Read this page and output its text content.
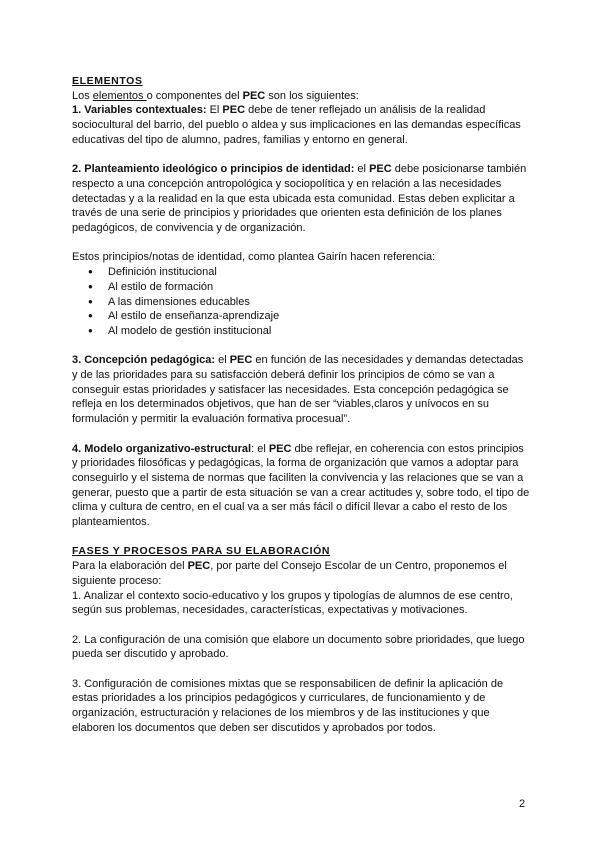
ELEMENTOS

Los elementos o componentes del PEC son los siguientes:

1. Variables contextuales: El PEC debe de tener reflejado un análisis de la realidad sociocultural del barrio, del pueblo o aldea y sus implicaciones en las demandas específicas educativas del tipo de alumno, padres, familias y entorno en general.

2. Planteamiento ideológico o principios de identidad: el PEC debe posicionarse también respecto a una concepción antropológica y sociopolítica y en relación a las necesidades detectadas y a la realidad en la que esta ubicada esta comunidad. Estas deben explicitar a través de una serie de principios y prioridades que orienten esta definición de los planes pedagógicos, de convivencia y de organización.

Estos principios/notas de identidad, como plantea Gairín hacen referencia:

● Definición institucional
● Al estilo de formación
● A las dimensiones educables
● Al estilo de enseñanza-aprendizaje
● Al modelo de gestión institucional

3. Concepción pedagógica: el PEC en función de las necesidades y demandas detectadas y de las prioridades para su satisfacción deberá definir los principios de cómo se van a conseguir estas prioridades y satisfacer las necesidades. Esta concepción pedagógica se refleja en los determinados objetivos, que han de ser “viables,claros y unívocos en su formulación y permitir la evaluación formativa procesual”.

4. Modelo organizativo-estructural: el PEC dbe reflejar, en coherencia con estos principios y prioridades filosóficas y pedagógicas, la forma de organización que vamos a adoptar para conseguirlo y el sistema de normas que faciliten la convivencia y las relaciones que se van a generar, puesto que a partir de esta situación se van a crear actitudes y, sobre todo, el tipo de clima y cultura de centro, en el cual va a ser más fácil o difícil llevar a cabo el resto de los planteamientos.

FASES Y PROCESOS PARA SU ELABORACIÓN

Para la elaboración del PEC, por parte del Consejo Escolar de un Centro, proponemos el siguiente proceso:

1. Analizar el contexto socio-educativo y los grupos y tipologías de alumnos de ese centro, según sus problemas, necesidades, características, expectativas y motivaciones.

2. La configuración de una comisión que elabore un documento sobre prioridades, que luego pueda ser discutido y aprobado.

3. Configuración de comisiones mixtas que se responsabilicen de definir la aplicación de estas prioridades a los principios pedagógicos y curriculares, de funcionamiento y de organización, estructuración y relaciones de los miembros y de las instituciones y que elaboren los documentos que deben ser discutidos y aprobados por todos.

2
